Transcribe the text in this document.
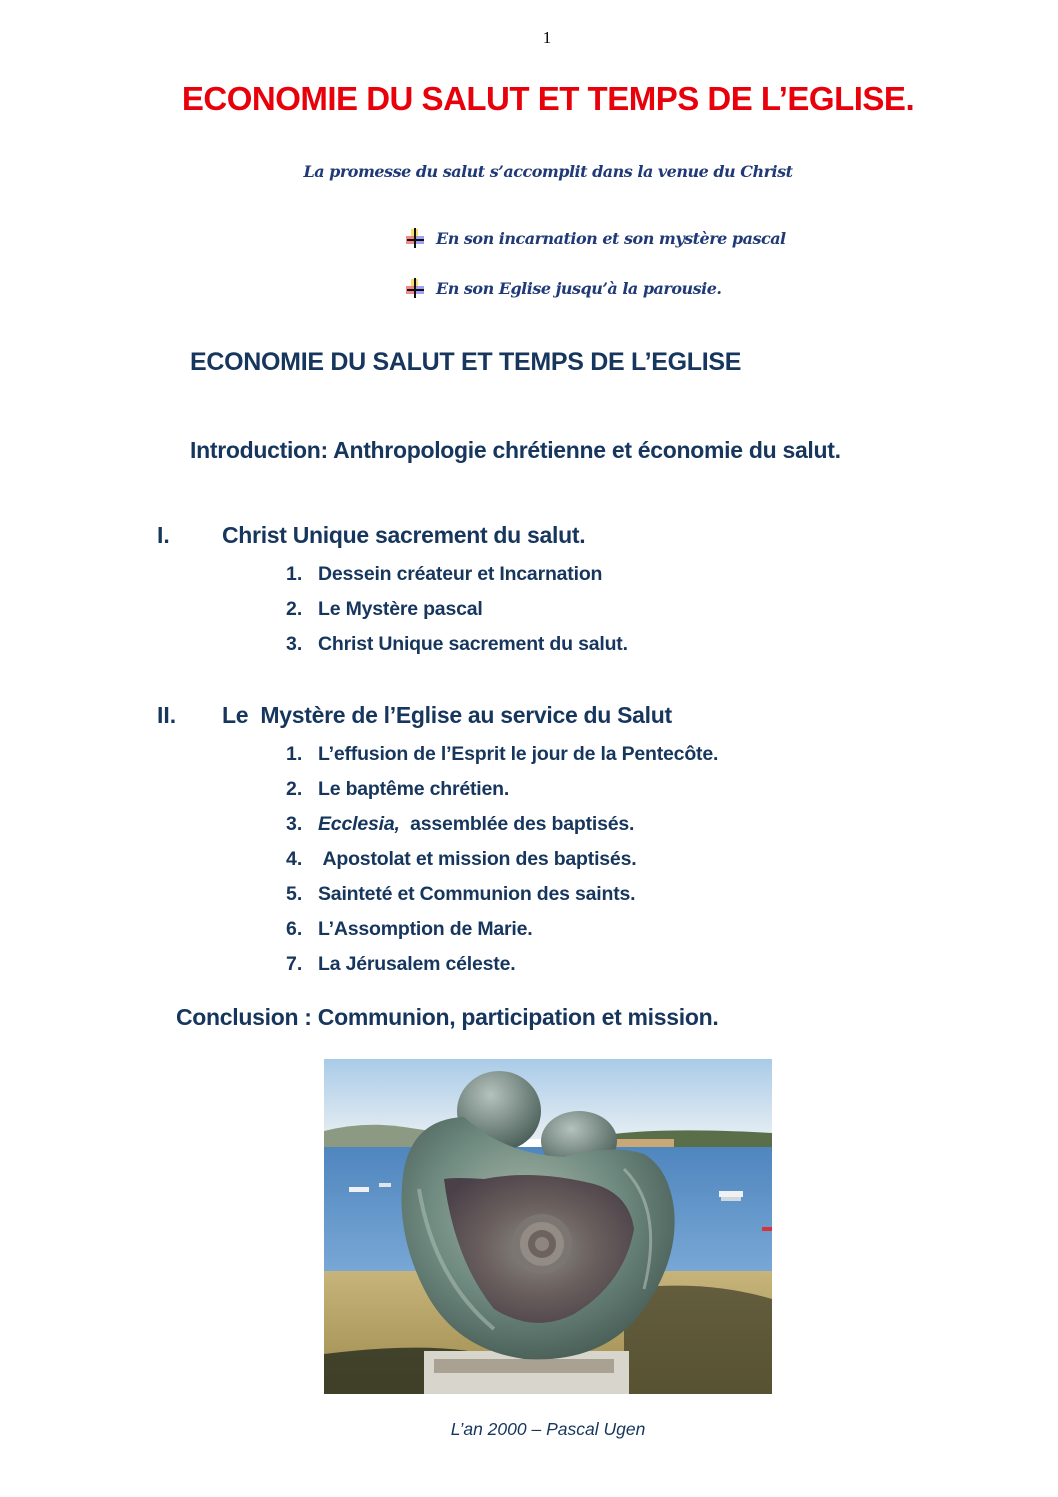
1
ECONOMIE DU SALUT ET TEMPS DE L’EGLISE.
La promesse du salut s’accomplit dans la venue du Christ
En son incarnation et son mystère pascal
En son Eglise jusqu’à la parousie.
ECONOMIE DU SALUT ET TEMPS DE L’EGLISE
Introduction: Anthropologie chrétienne et économie du salut.
I. Christ Unique sacrement du salut.
1. Dessein créateur et Incarnation
2. Le Mystère pascal
3. Christ Unique sacrement du salut.
II. Le  Mystère de l’Eglise au service du Salut
1. L’effusion de l’Esprit le jour de la Pentecôte.
2. Le baptême chrétien.
3. Ecclesia,  assemblée des baptisés.
4. Apostolat et mission des baptisés.
5. Sainteté et Communion des saints.
6. L’Assomption de Marie.
7. La Jérusalem céleste.
Conclusion : Communion, participation et mission.
L’an 2000 – Pascal Ugen
